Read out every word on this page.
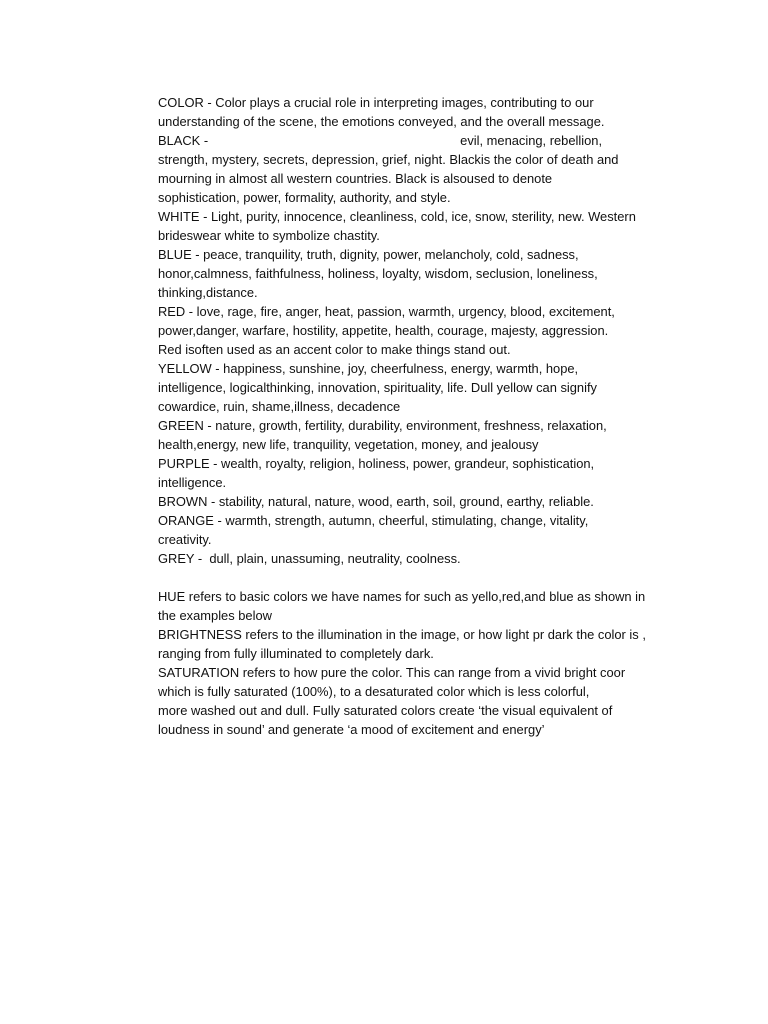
COLOR - Color plays a crucial role in interpreting images, contributing to our
understanding of the scene, the emotions conveyed, and the overall message.

BLACK -	evil, menacing, rebellion,
strength, mystery, secrets, depression, grief, night. Blackis the color of death and
mourning in almost all western countries. Black is alsoused to denote
sophistication, power, formality, authority, and style.

WHITE - Light, purity, innocence, cleanliness, cold, ice, snow, sterility, new. Western
brideswear white to symbolize chastity.

BLUE - peace, tranquility, truth, dignity, power, melancholy, cold, sadness,
honor,calmness, faithfulness, holiness, loyalty, wisdom, seclusion, loneliness,
thinking,distance.

RED - love, rage, fire, anger, heat, passion, warmth, urgency, blood, excitement,
power,danger, warfare, hostility, appetite, health, courage, majesty, aggression.
Red isoften used as an accent color to make things stand out.

YELLOW - happiness, sunshine, joy, cheerfulness, energy, warmth, hope,
intelligence, logicalthinking, innovation, spirituality, life. Dull yellow can signify
cowardice, ruin, shame,illness, decadence

GREEN - nature, growth, fertility, durability, environment, freshness, relaxation,
health,energy, new life, tranquility, vegetation, money, and jealousy

PURPLE - wealth, royalty, religion, holiness, power, grandeur, sophistication,
intelligence.

BROWN - stability, natural, nature, wood, earth, soil, ground, earthy, reliable.

ORANGE - warmth, strength, autumn, cheerful, stimulating, change, vitality,
creativity.

GREY -  dull, plain, unassuming, neutrality, coolness.

HUE refers to basic colors we have names for such as yello,red,and blue as shown in
the examples below

BRIGHTNESS refers to the illumination in the image, or how light pr dark the color is ,
ranging from fully illuminated to completely dark.

SATURATION refers to how pure the color. This can range from a vivid bright coor
which is fully saturated (100%), to a desaturated color which is less colorful,
more washed out and dull. Fully saturated colors create ‘the visual equivalent of
loudness in sound’ and generate ‘a mood of excitement and energy’
